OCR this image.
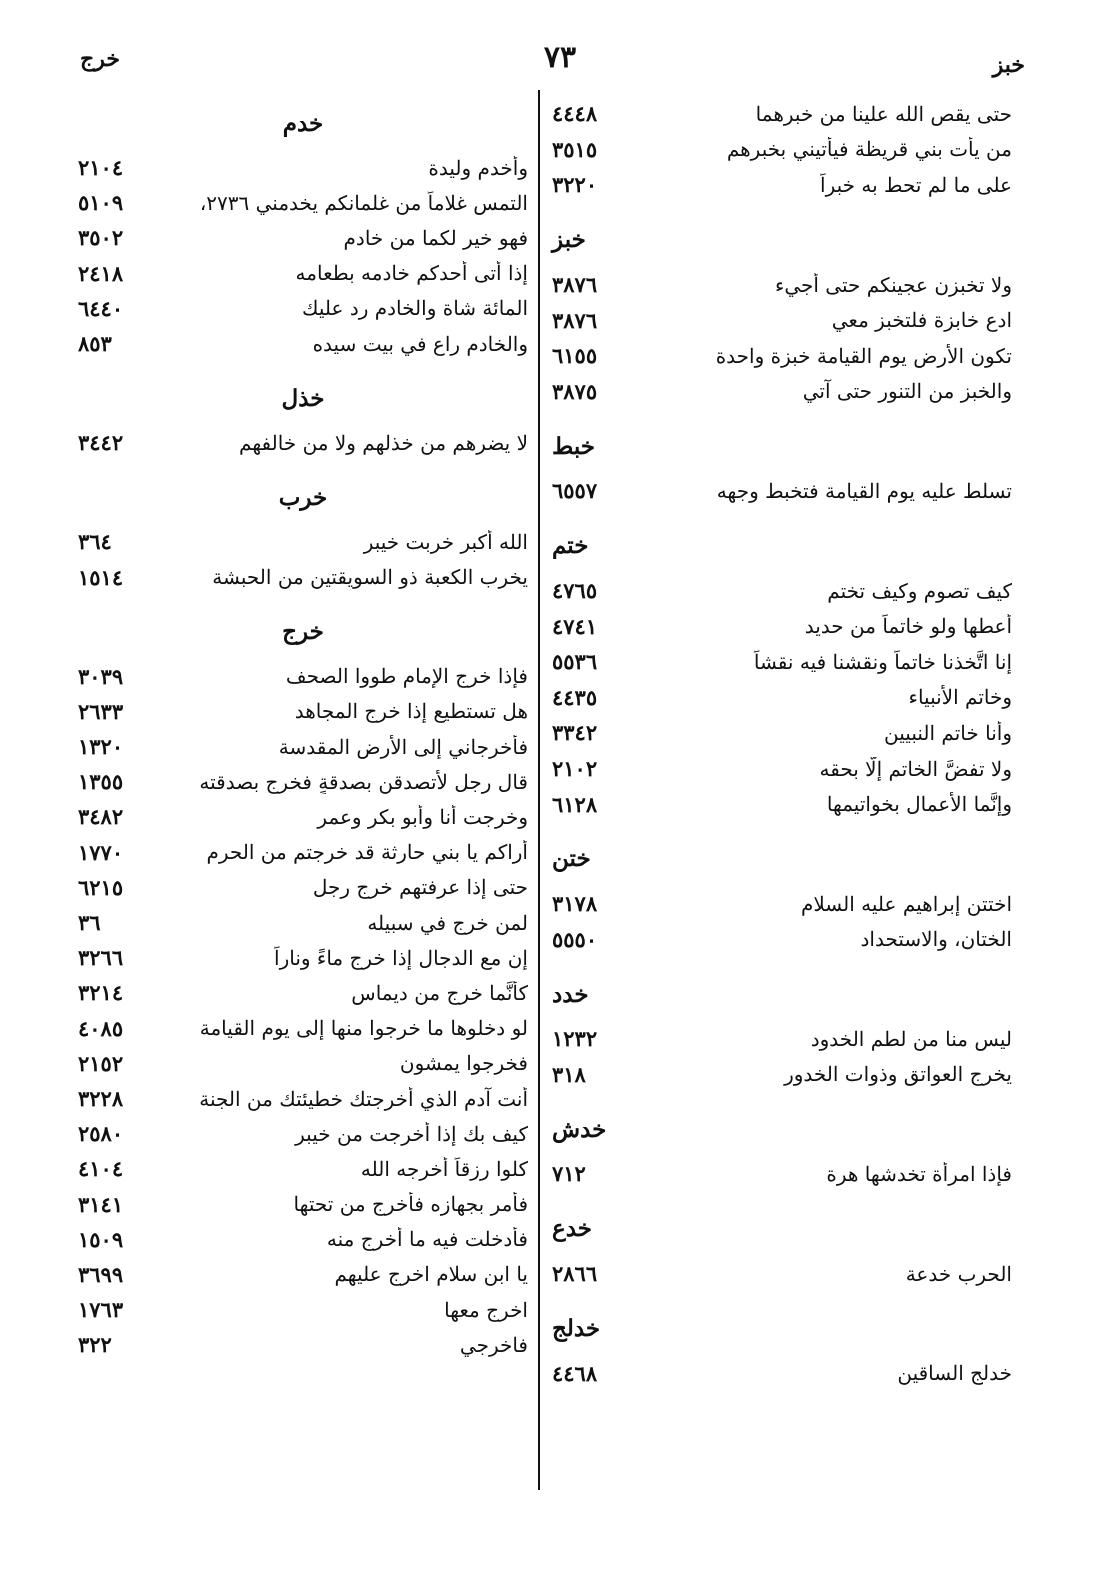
خبز
٧٣
خرج
٤٤٤٨	حتى يقص الله علينا من خبرهما
٣٥١٥	من يأت بني قريظة فيأتيني بخبرهم
٣٢٢٠	على ما لم تحط به خبراً
خبز
٣٨٧٦	ولا تخبزن عجينكم حتى أجيء
٣٨٧٦	ادع خابزة فلتخبز معي
٦١٥٥	تكون الأرض يوم القيامة خبزة واحدة
٣٨٧٥	والخبز من التنور حتى آتي
خبط
٦٥٥٧	تسلط عليه يوم القيامة فتخبط وجهه
ختم
٤٧٦٥	كيف تصوم وكيف تختم
٤٧٤١	أعطها ولو خاتماً من حديد
٥٥٣٦	إنا اتَّخذنا خاتماً ونقشنا فيه نقشاً
٤٤٣٥	وخاتم الأنبياء
٣٣٤٢	وأنا خاتم النبيين
٢١٠٢	ولا تفضَّ الخاتم إلَّا بحقه
٦١٢٨	وإنَّما الأعمال بخواتيمها
ختن
٣١٧٨	اختتن إبراهيم عليه السلام
٥٥٥٠	الختان، والاستحداد
خدد
١٢٣٢	ليس منا من لطم الخدود
٣١٨	يخرج العواتق وذوات الخدور
خدش
٧١٢	فإذا امرأة تخدشها هرة
خدع
٢٨٦٦	الحرب خدعة
خدلج
٤٤٦٨	خدلج الساقين
خدم
٢١٠٤	وأخدم وليدة
٥١٠٩	التمس غلاماً من غلمانكم يخدمني ٢٧٣٦،
٣٥٠٢	فهو خير لكما من خادم
٢٤١٨	إذا أتى أحدكم خادمه بطعامه
٦٤٤٠	المائة شاة والخادم رد عليك
٨٥٣	والخادم راع في بيت سيده
خذل
٣٤٤٢	لا يضرهم من خذلهم ولا من خالفهم
خرب
٣٦٤	الله أكبر خربت خيبر
١٥١٤	يخرب الكعبة ذو السويقتين من الحبشة
خرج
٣٠٣٩	فإذا خرج الإمام طووا الصحف
٢٦٣٣	هل تستطيع إذا خرج المجاهد
١٣٢٠	فأخرجاني إلى الأرض المقدسة
١٣٥٥	قال رجل لأتصدقن بصدقةٍ فخرج بصدقته
٣٤٨٢	وخرجت أنا وأبو بكر وعمر
١٧٧٠	أراكم يا بني حارثة قد خرجتم من الحرم
٦٢١٥	حتى إذا عرفتهم خرج رجل
٣٦	لمن خرج في سبيله
٣٢٦٦	إن مع الدجال إذا خرج ماءً وناراً
٣٢١٤	كأنَّما خرج من ديماس
٤٠٨٥	لو دخلوها ما خرجوا منها إلى يوم القيامة
٢١٥٢	فخرجوا يمشون
٣٢٢٨	أنت آدم الذي أخرجتك خطيئتك من الجنة
٢٥٨٠	كيف بك إذا أخرجت من خيبر
٤١٠٤	كلوا رزقاً أخرجه الله
٣١٤١	فأمر بجهازه فأخرج من تحتها
١٥٠٩	فأدخلت فيه ما أخرج منه
٣٦٩٩	يا ابن سلام اخرج عليهم
١٧٦٣	اخرج معها
٣٢٢	فاخرجي
